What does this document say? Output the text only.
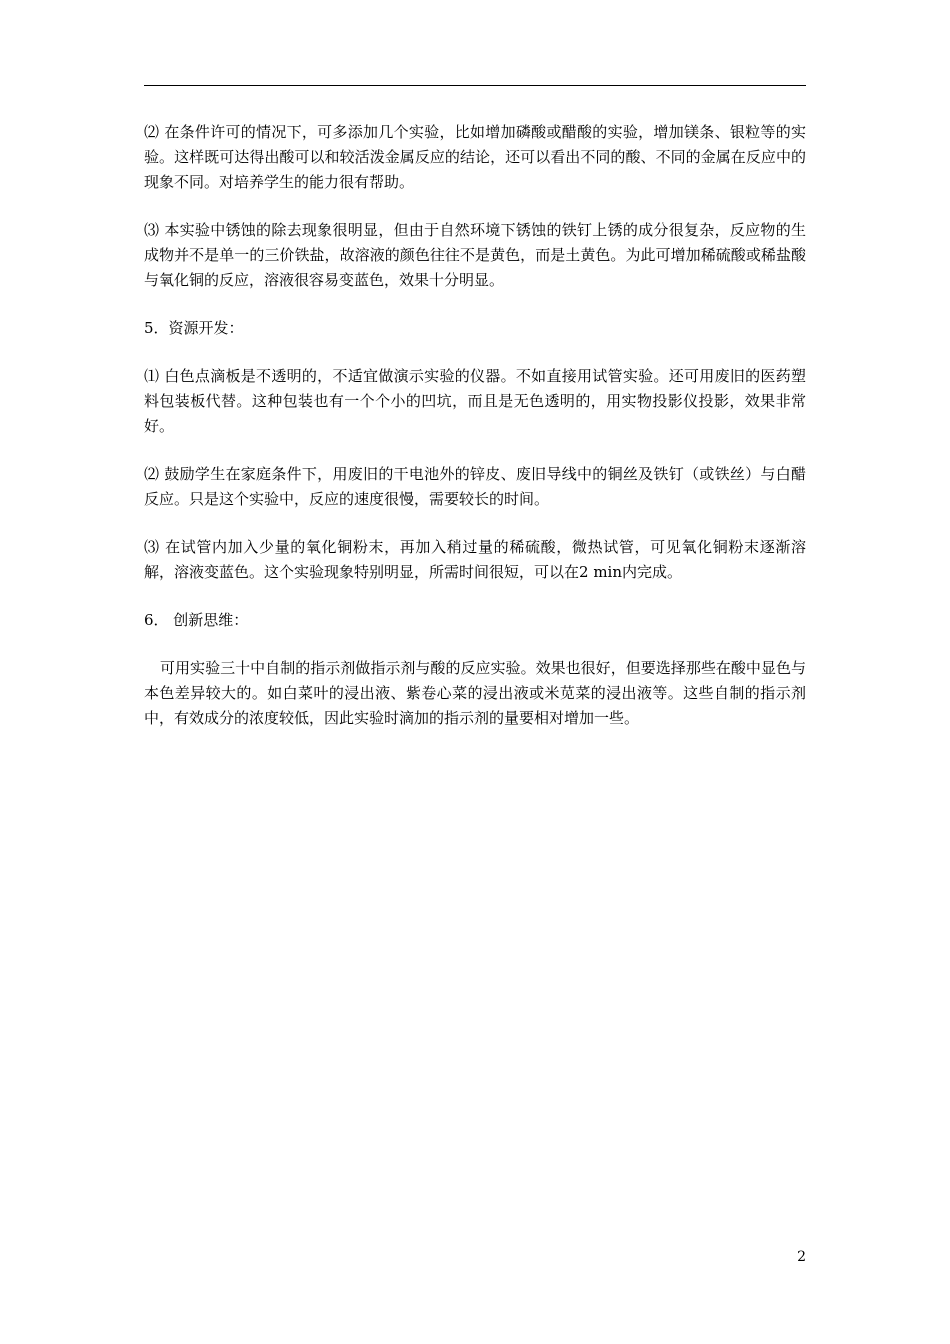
⑵ 在条件许可的情况下，可多添加几个实验，比如增加磷酸或醋酸的实验，增加镁条、银粒等的实验。这样既可达得出酸可以和较活泼金属反应的结论，还可以看出不同的酸、不同的金属在反应中的现象不同。对培养学生的能力很有帮助。

⑶ 本实验中锈蚀的除去现象很明显，但由于自然环境下锈蚀的铁钉上锈的成分很复杂，反应物的生成物并不是单一的三价铁盐，故溶液的颜色往往不是黄色，而是土黄色。为此可增加稀硫酸或稀盐酸与氧化铜的反应，溶液很容易变蓝色，效果十分明显。

5．资源开发：

⑴ 白色点滴板是不透明的，不适宜做演示实验的仪器。不如直接用试管实验。还可用废旧的医药塑料包装板代替。这种包装也有一个个小的凹坑，而且是无色透明的，用实物投影仪投影，效果非常好。

⑵ 鼓励学生在家庭条件下，用废旧的干电池外的锌皮、废旧导线中的铜丝及铁钉（或铁丝）与白醋反应。只是这个实验中，反应的速度很慢，需要较长的时间。

⑶ 在试管内加入少量的氧化铜粉末，再加入稍过量的稀硫酸，微热试管，可见氧化铜粉末逐渐溶解，溶液变蓝色。这个实验现象特别明显，所需时间很短，可以在2 min内完成。

6． 创新思维：

可用实验三十中自制的指示剂做指示剂与酸的反应实验。效果也很好，但要选择那些在酸中显色与本色差异较大的。如白菜叶的浸出液、紫卷心菜的浸出液或米苋菜的浸出液等。这些自制的指示剂中，有效成分的浓度较低，因此实验时滴加的指示剂的量要相对增加一些。

2
